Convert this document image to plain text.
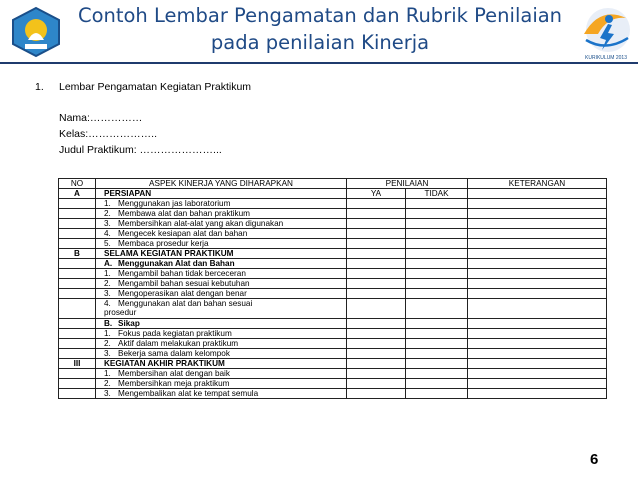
KURIKULUM 2013
Contoh Lembar Pengamatan dan Rubrik Penilaian
pada penilaian Kinerja
1. Lembar Pengamatan Kegiatan Praktikum
Nama:……………
Kelas:………………..
Judul Praktikum: …………………...
NO	ASPEK KINERJA YANG DIHARAPKAN	PENILAIAN		KETERANGAN
A	PERSIAPAN	YA	TIDAK	
	1. Menggunakan jas laboratorium			
	2. Membawa alat dan bahan praktikum			
	3. Membersihkan alat-alat yang akan digunakan			
	4. Mengecek kesiapan alat dan bahan			
	5. Membaca prosedur kerja			
B	SELAMA KEGIATAN PRAKTIKUM			
	A. Menggunakan Alat dan Bahan			
	1. Mengambil bahan tidak berceceran			
	2. Mengambil bahan sesuai kebutuhan			
	3. Mengoperasikan alat dengan benar			
	4. Menggunakan alat dan bahan sesuai
prosedur			
	B. Sikap			
	1. Fokus pada kegiatan praktikum			
	2. Aktif dalam melakukan praktikum			
	3. Bekerja sama dalam kelompok			
III	KEGIATAN AKHIR PRAKTIKUM			
	1. Membersihan alat dengan baik			
	2. Membersihkan meja praktikum			
	3. Mengembalikan alat ke tempat semula			
6
